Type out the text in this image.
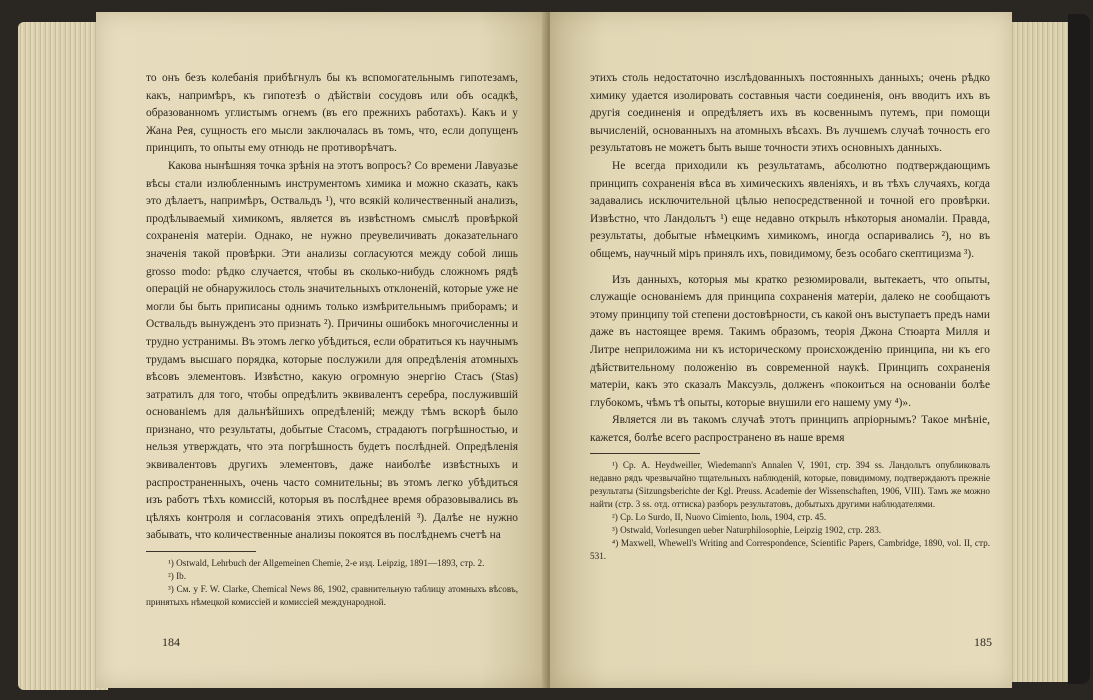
то онъ безъ колебанія прибѣгнулъ бы къ вспомогательнымъ гипотезамъ, какъ, напримѣръ, къ гипотезѣ о дѣйствіи сосудовъ или объ осадкѣ, образованномъ углистымъ огнемъ (въ его прежнихъ работахъ). Какъ и у Жана Рея, сущность его мысли заключалась въ томъ, что, если допущенъ принципъ, то опыты ему отнюдь не противорѣчатъ.

Какова нынѣшняя точка зрѣнія на этотъ вопросъ? Со времени Лавуазье вѣсы стали излюбленнымъ инструментомъ химика и можно сказать, какъ это дѣлаетъ, напримѣръ, Оствальдъ ¹), что всякій количественный анализъ, продѣлываемый химикомъ, является въ извѣстномъ смыслѣ провѣркой сохраненія матеріи. Однако, не нужно преувеличивать доказательнаго значенія такой провѣрки. Эти анализы согласуются между собой лишь grosso modo: рѣдко случается, чтобы въ сколько-нибудь сложномъ рядѣ операцій не обнаружилось столь значительныхъ отклоненій, которые уже не могли бы быть приписаны однимъ только измѣрительнымъ приборамъ; и Оствальдъ вынужденъ это признать ²). Причины ошибокъ многочисленны и трудно устранимы. Въ этомъ легко убѣдиться, если обратиться къ научнымъ трудамъ высшаго порядка, которые послужили для опредѣленія атомныхъ вѣсовъ элементовъ. Извѣстно, какую огромную энергію Стасъ (Stas) затратилъ для того, чтобы опредѣлить эквивалентъ серебра, послужившій основаніемъ для дальнѣйшихъ опредѣленій; между тѣмъ вскорѣ было признано, что результаты, добытые Стасомъ, страдаютъ погрѣшностью, и нельзя утверждать, что эта погрѣшность будетъ послѣдней. Опредѣленія эквивалентовъ другихъ элементовъ, даже наиболѣе извѣстныхъ и распространенныхъ, очень часто сомнительны; въ этомъ легко убѣдиться изъ работъ тѣхъ комиссій, которыя въ послѣднее время образовывались въ цѣляхъ контроля и согласованія этихъ опредѣленій ³). Далѣе не нужно забывать, что количественные анализы покоятся въ послѣднемъ счетѣ на

¹) Ostwald, Lehrbuch der Allgemeinen Chemie, 2-е изд. Leipzig, 1891—1893, стр. 2.

²) Ib.

³) См. у F. W. Clarke, Chemical News 86, 1902, сравнительную таблицу атомныхъ вѣсовъ, принятыхъ нѣмецкой комиссіей и комиссіей международной.

184

этихъ столь недостаточно изслѣдованныхъ постоянныхъ данныхъ; очень рѣдко химику удается изолировать составныя части соединенія, онъ вводитъ ихъ въ другія соединенія и опредѣляетъ ихъ въ косвеннымъ путемъ, при помощи вычисленій, основанныхъ на атомныхъ вѣсахъ. Въ лучшемъ случаѣ точность его результатовъ не можетъ быть выше точности этихъ основныхъ данныхъ.

Не всегда приходили къ результатамъ, абсолютно подтверждающимъ принципъ сохраненія вѣса въ химическихъ явленіяхъ, и въ тѣхъ случаяхъ, когда задавались исключительной цѣлью непосредственной и точной его провѣрки. Извѣстно, что Ландольтъ ¹) еще недавно открылъ нѣкоторыя аномаліи. Правда, результаты, добытые нѣмецкимъ химикомъ, иногда оспаривались ²), но въ общемъ, научный міръ принялъ ихъ, повидимому, безъ особаго скептицизма ³).

Изъ данныхъ, которыя мы кратко резюмировали, вытекаетъ, что опыты, служащіе основаніемъ для принципа сохраненія матеріи, далеко не сообщаютъ этому принципу той степени достовѣрности, съ какой онъ выступаетъ предъ нами даже въ настоящее время. Такимъ образомъ, теорія Джона Стюарта Милля и Литре неприложима ни къ историческому происхожденію принципа, ни къ его дѣйствительному положенію въ современной наукѣ. Принципъ сохраненія матеріи, какъ это сказалъ Максуэль, долженъ «покоиться на основаніи болѣе глубокомъ, чѣмъ тѣ опыты, которые внушили его нашему уму ⁴)».

Является ли въ такомъ случаѣ этотъ принципъ апріорнымъ? Такое мнѣніе, кажется, болѣе всего распространено въ наше время

¹) Ср. A. Heydweiller, Wiedemann's Annalen V, 1901, стр. 394 ss. Ландольтъ опубликовалъ недавно рядъ чрезвычайно тщательныхъ наблюденій, которые, повидимому, подтверждаютъ прежніе результаты (Sitzungsberichte der Kgl. Preuss. Academie der Wissenschaften, 1906, VIII). Тамъ же можно найти (стр. 3 ss. отд. оттиска) разборъ результатовъ, добытыхъ другими наблюдателями.

²) Ср. Lo Surdo, II, Nuovo Cimiento, Іюль, 1904, стр. 45.

³) Ostwald, Vorlesungen ueber Naturphilosophie, Leipzig 1902, стр. 283.

⁴) Maxwell, Whewell's Writing and Correspondence, Scientific Papers, Cambridge, 1890, vol. II, стр. 531.

185
